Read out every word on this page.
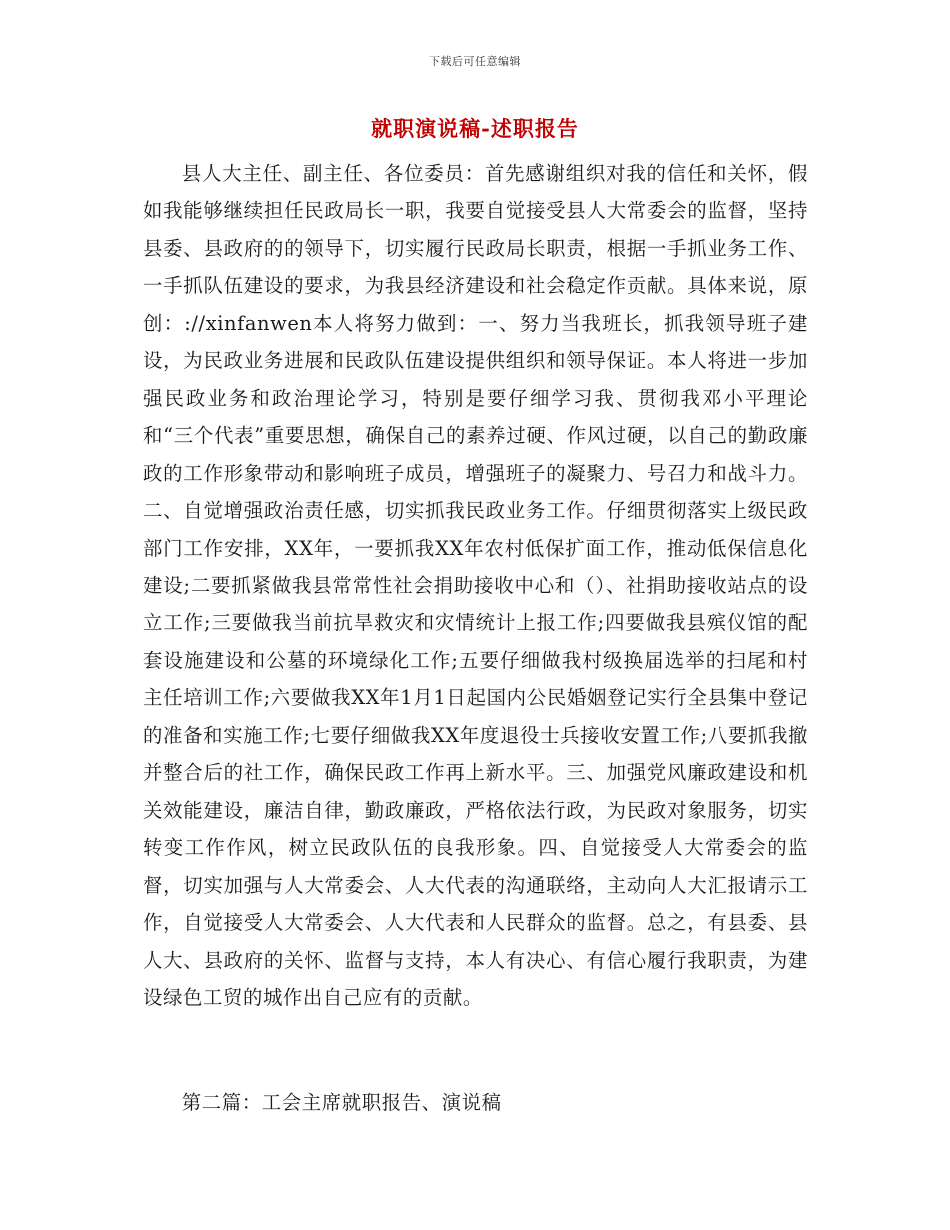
下载后可任意编辑
就职演说稿-述职报告

县人大主任、副主任、各位委员：首先感谢组织对我的信任和关怀，假如我能够继续担任民政局长一职，我要自觉接受县人大常委会的监督，坚持县委、县政府的的领导下，切实履行民政局长职责，根据一手抓业务工作、一手抓队伍建设的要求，为我县经济建设和社会稳定作贡献。具体来说，原创：://xinfanwen本人将努力做到：一、努力当我班长，抓我领导班子建设，为民政业务进展和民政队伍建设提供组织和领导保证。本人将进一步加强民政业务和政治理论学习，特别是要仔细学习我、贯彻我邓小平理论和“三个代表”重要思想，确保自己的素养过硬、作风过硬，以自己的勤政廉政的工作形象带动和影响班子成员，增强班子的凝聚力、号召力和战斗力。二、自觉增强政治责任感，切实抓我民政业务工作。仔细贯彻落实上级民政部门工作安排，XX年，一要抓我XX年农村低保扩面工作，推动低保信息化建设;二要抓紧做我县常常性社会捐助接收中心和（）、社捐助接收站点的设立工作;三要做我当前抗旱救灾和灾情统计上报工作;四要做我县殡仪馆的配套设施建设和公墓的环境绿化工作;五要仔细做我村级换届选举的扫尾和村主任培训工作;六要做我XX年1月1日起国内公民婚姻登记实行全县集中登记的准备和实施工作;七要仔细做我XX年度退役士兵接收安置工作;八要抓我撤并整合后的社工作，确保民政工作再上新水平。三、加强党风廉政建设和机关效能建设，廉洁自律，勤政廉政，严格依法行政，为民政对象服务，切实转变工作作风，树立民政队伍的良我形象。四、自觉接受人大常委会的监督，切实加强与人大常委会、人大代表的沟通联络，主动向人大汇报请示工作，自觉接受人大常委会、人大代表和人民群众的监督。总之，有县委、县人大、县政府的关怀、监督与支持，本人有决心、有信心履行我职责，为建设绿色工贸的城作出自己应有的贡献。

第二篇：工会主席就职报告、演说稿
